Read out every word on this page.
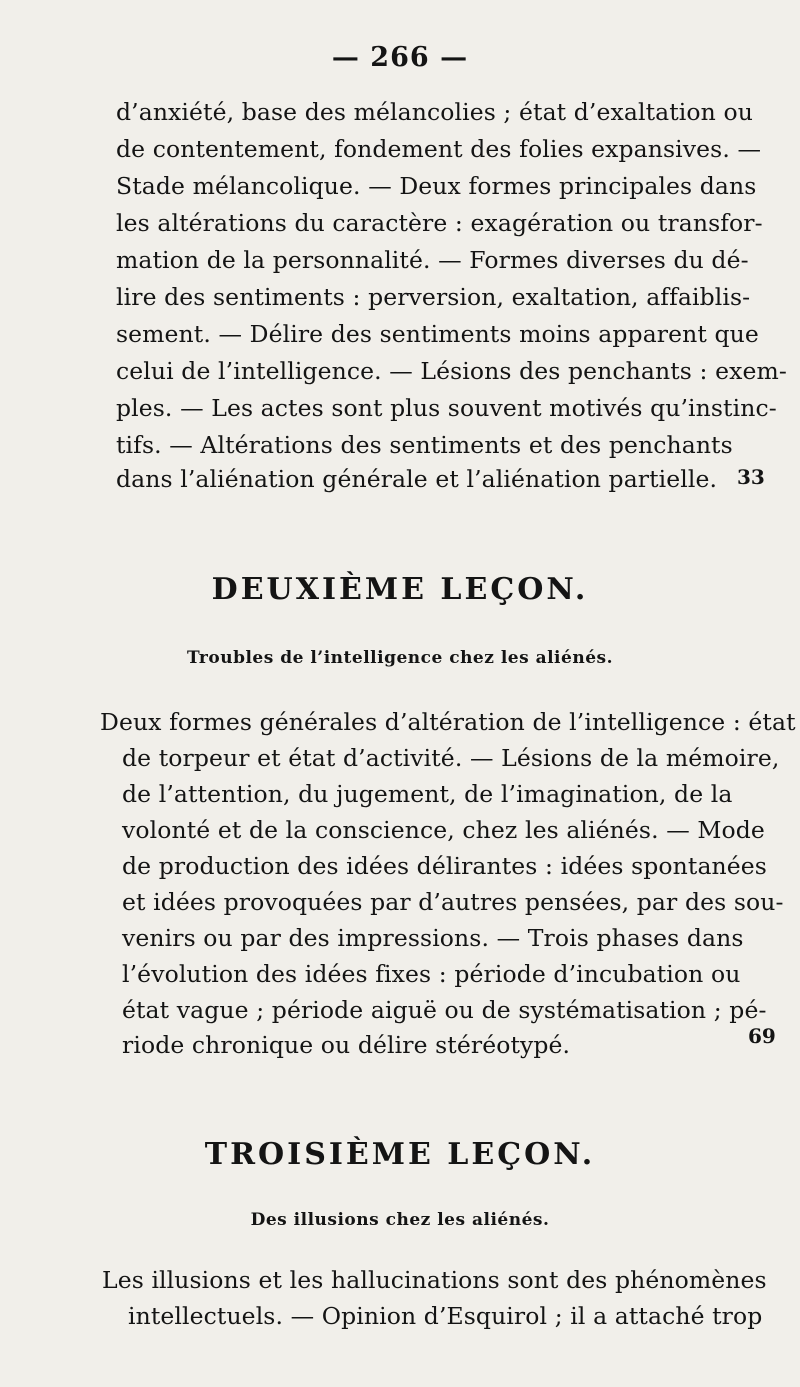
— 266 —
d’anxiété, base des mélancolies ; état d’exaltation ou
de contentement, fondement des folies expansives. —
Stade mélancolique. — Deux formes principales dans
les altérations du caractère : exagération ou transfor-
mation de la personnalité. — Formes diverses du dé-
lire des sentiments : perversion, exaltation, affaiblis-
sement. — Délire des sentiments moins apparent que
celui de l’intelligence. — Lésions des penchants : exem-
ples. — Les actes sont plus souvent motivés qu’instinc-
tifs. — Altérations des sentiments et des penchants
dans l’aliénation générale et l’aliénation partielle. 33
DEUXIÈME LEÇON.
Troubles de l’intelligence chez les aliénés.
Deux formes générales d’altération de l’intelligence : état
de torpeur et état d’activité. — Lésions de la mémoire,
de l’attention, du jugement, de l’imagination, de la
volonté et de la conscience, chez les aliénés. — Mode
de production des idées délirantes : idées spontanées
et idées provoquées par d’autres pensées, par des sou-
venirs ou par des impressions. — Trois phases dans
l’évolution des idées fixes : période d’incubation ou
état vague ; période aiguë ou de systématisation ; pé-
riode chronique ou délire stéréotypé.	69
TROISIÈME LEÇON.
Des illusions chez les aliénés.
Les illusions et les hallucinations sont des phénomènes
intellectuels. — Opinion d’Esquirol ; il a attaché trop
